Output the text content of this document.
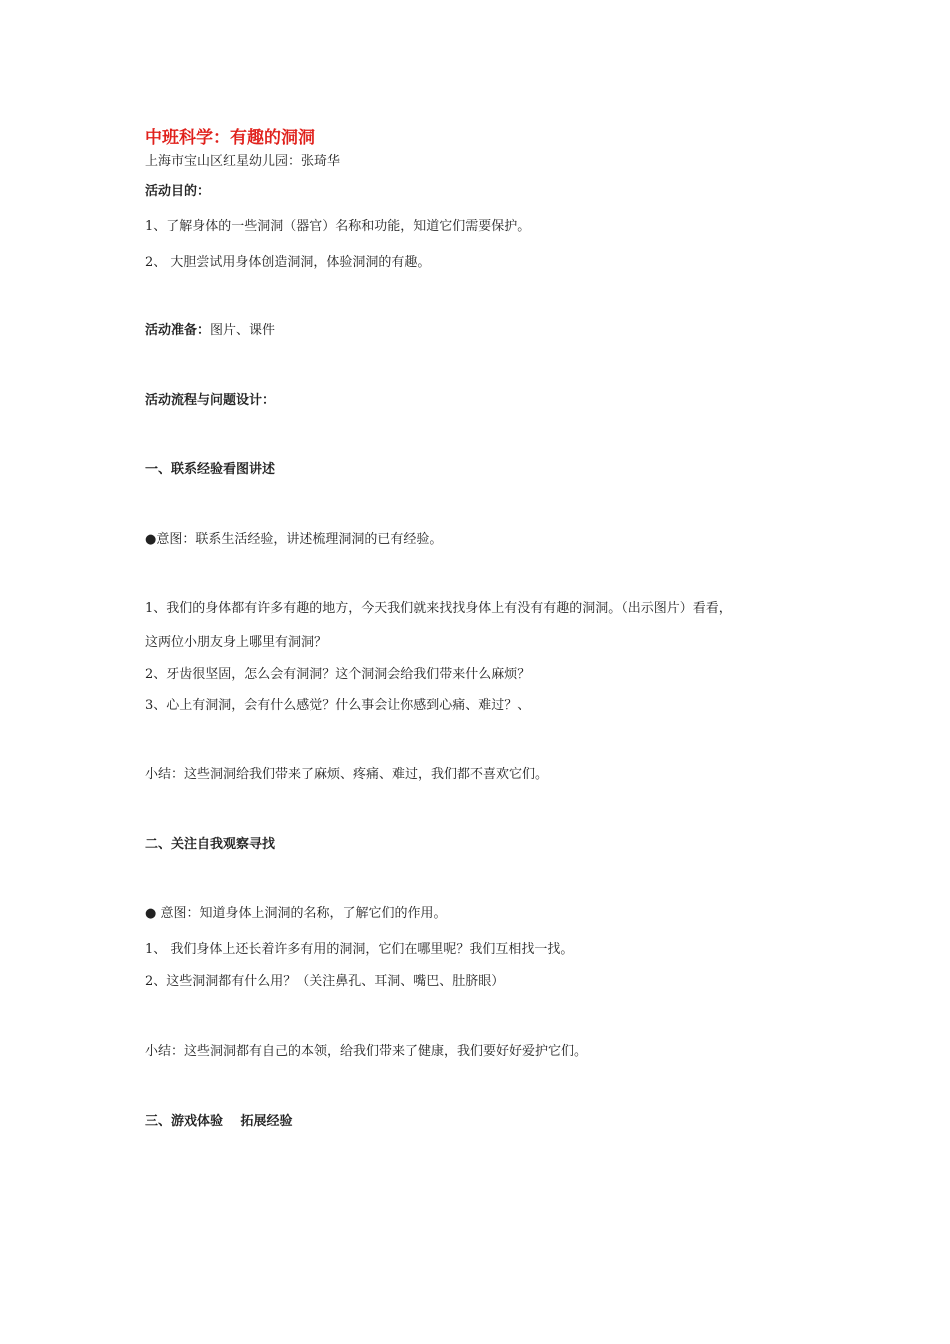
中班科学：有趣的洞洞
上海市宝山区红星幼儿园：张琦华
活动目的：
1、了解身体的一些洞洞（器官）名称和功能，知道它们需要保护。
2、 大胆尝试用身体创造洞洞，体验洞洞的有趣。
活动准备：图片、课件
活动流程与问题设计：
一、联系经验看图讲述
●意图：联系生活经验，讲述梳理洞洞的已有经验。
1、我们的身体都有许多有趣的地方，今天我们就来找找身体上有没有有趣的洞洞。（出示图片）看看，
这两位小朋友身上哪里有洞洞？
2、牙齿很坚固，怎么会有洞洞？这个洞洞会给我们带来什么麻烦？
3、心上有洞洞，会有什么感觉？什么事会让你感到心痛、难过？、
小结：这些洞洞给我们带来了麻烦、疼痛、难过，我们都不喜欢它们。
二、关注自我观察寻找
● 意图：知道身体上洞洞的名称，了解它们的作用。
1、 我们身体上还长着许多有用的洞洞，它们在哪里呢？我们互相找一找。
2、这些洞洞都有什么用？（关注鼻孔、耳洞、嘴巴、肚脐眼）
小结：这些洞洞都有自己的本领，给我们带来了健康，我们要好好爱护它们。
三、游戏体验　 拓展经验
